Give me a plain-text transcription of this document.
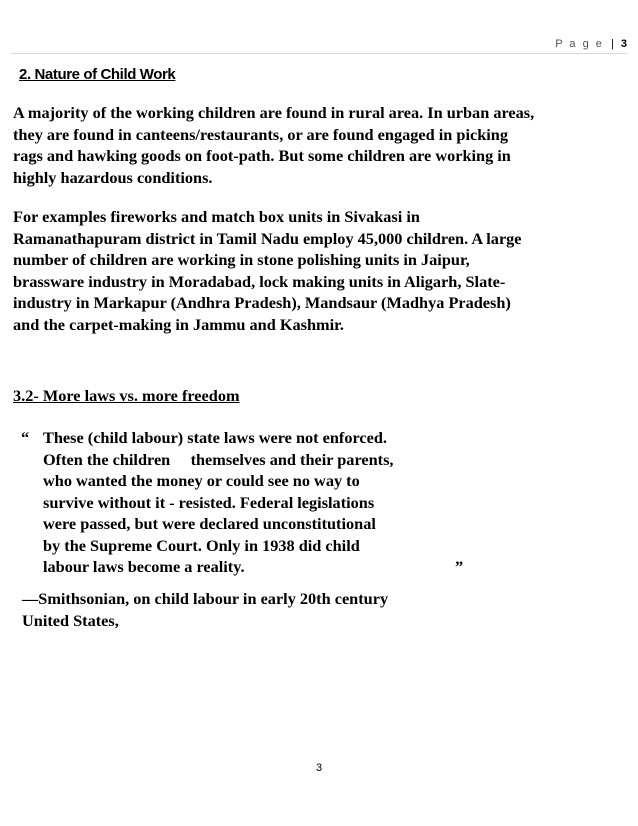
P a g e | 3
2. Nature of Child Work

A majority of the working children are found in rural area. In urban areas,
they are found in canteens/restaurants, or are found engaged in picking
rags and hawking goods on foot-path. But some children are working in
highly hazardous conditions.

For examples fireworks and match box units in Sivakasi in
Ramanathapuram district in Tamil Nadu employ 45,000 children. A large
number of children are working in stone polishing units in Jaipur,
brassware industry in Moradabad, lock making units in Aligarh, Slate-
industry in Markapur (Andhra Pradesh), Mandsaur (Madhya Pradesh)
and the carpet-making in Jammu and Kashmir.

3.2- More laws vs. more freedom
“ These (child labour) state laws were not enforced.
Often the children     themselves and their parents,
who wanted the money or could see no way to
survive without it - resisted. Federal legislations
were passed, but were declared unconstitutional
by the Supreme Court. Only in 1938 did child
labour laws become a reality.	”
—Smithsonian, on child labour in early 20th century
United States,
3
